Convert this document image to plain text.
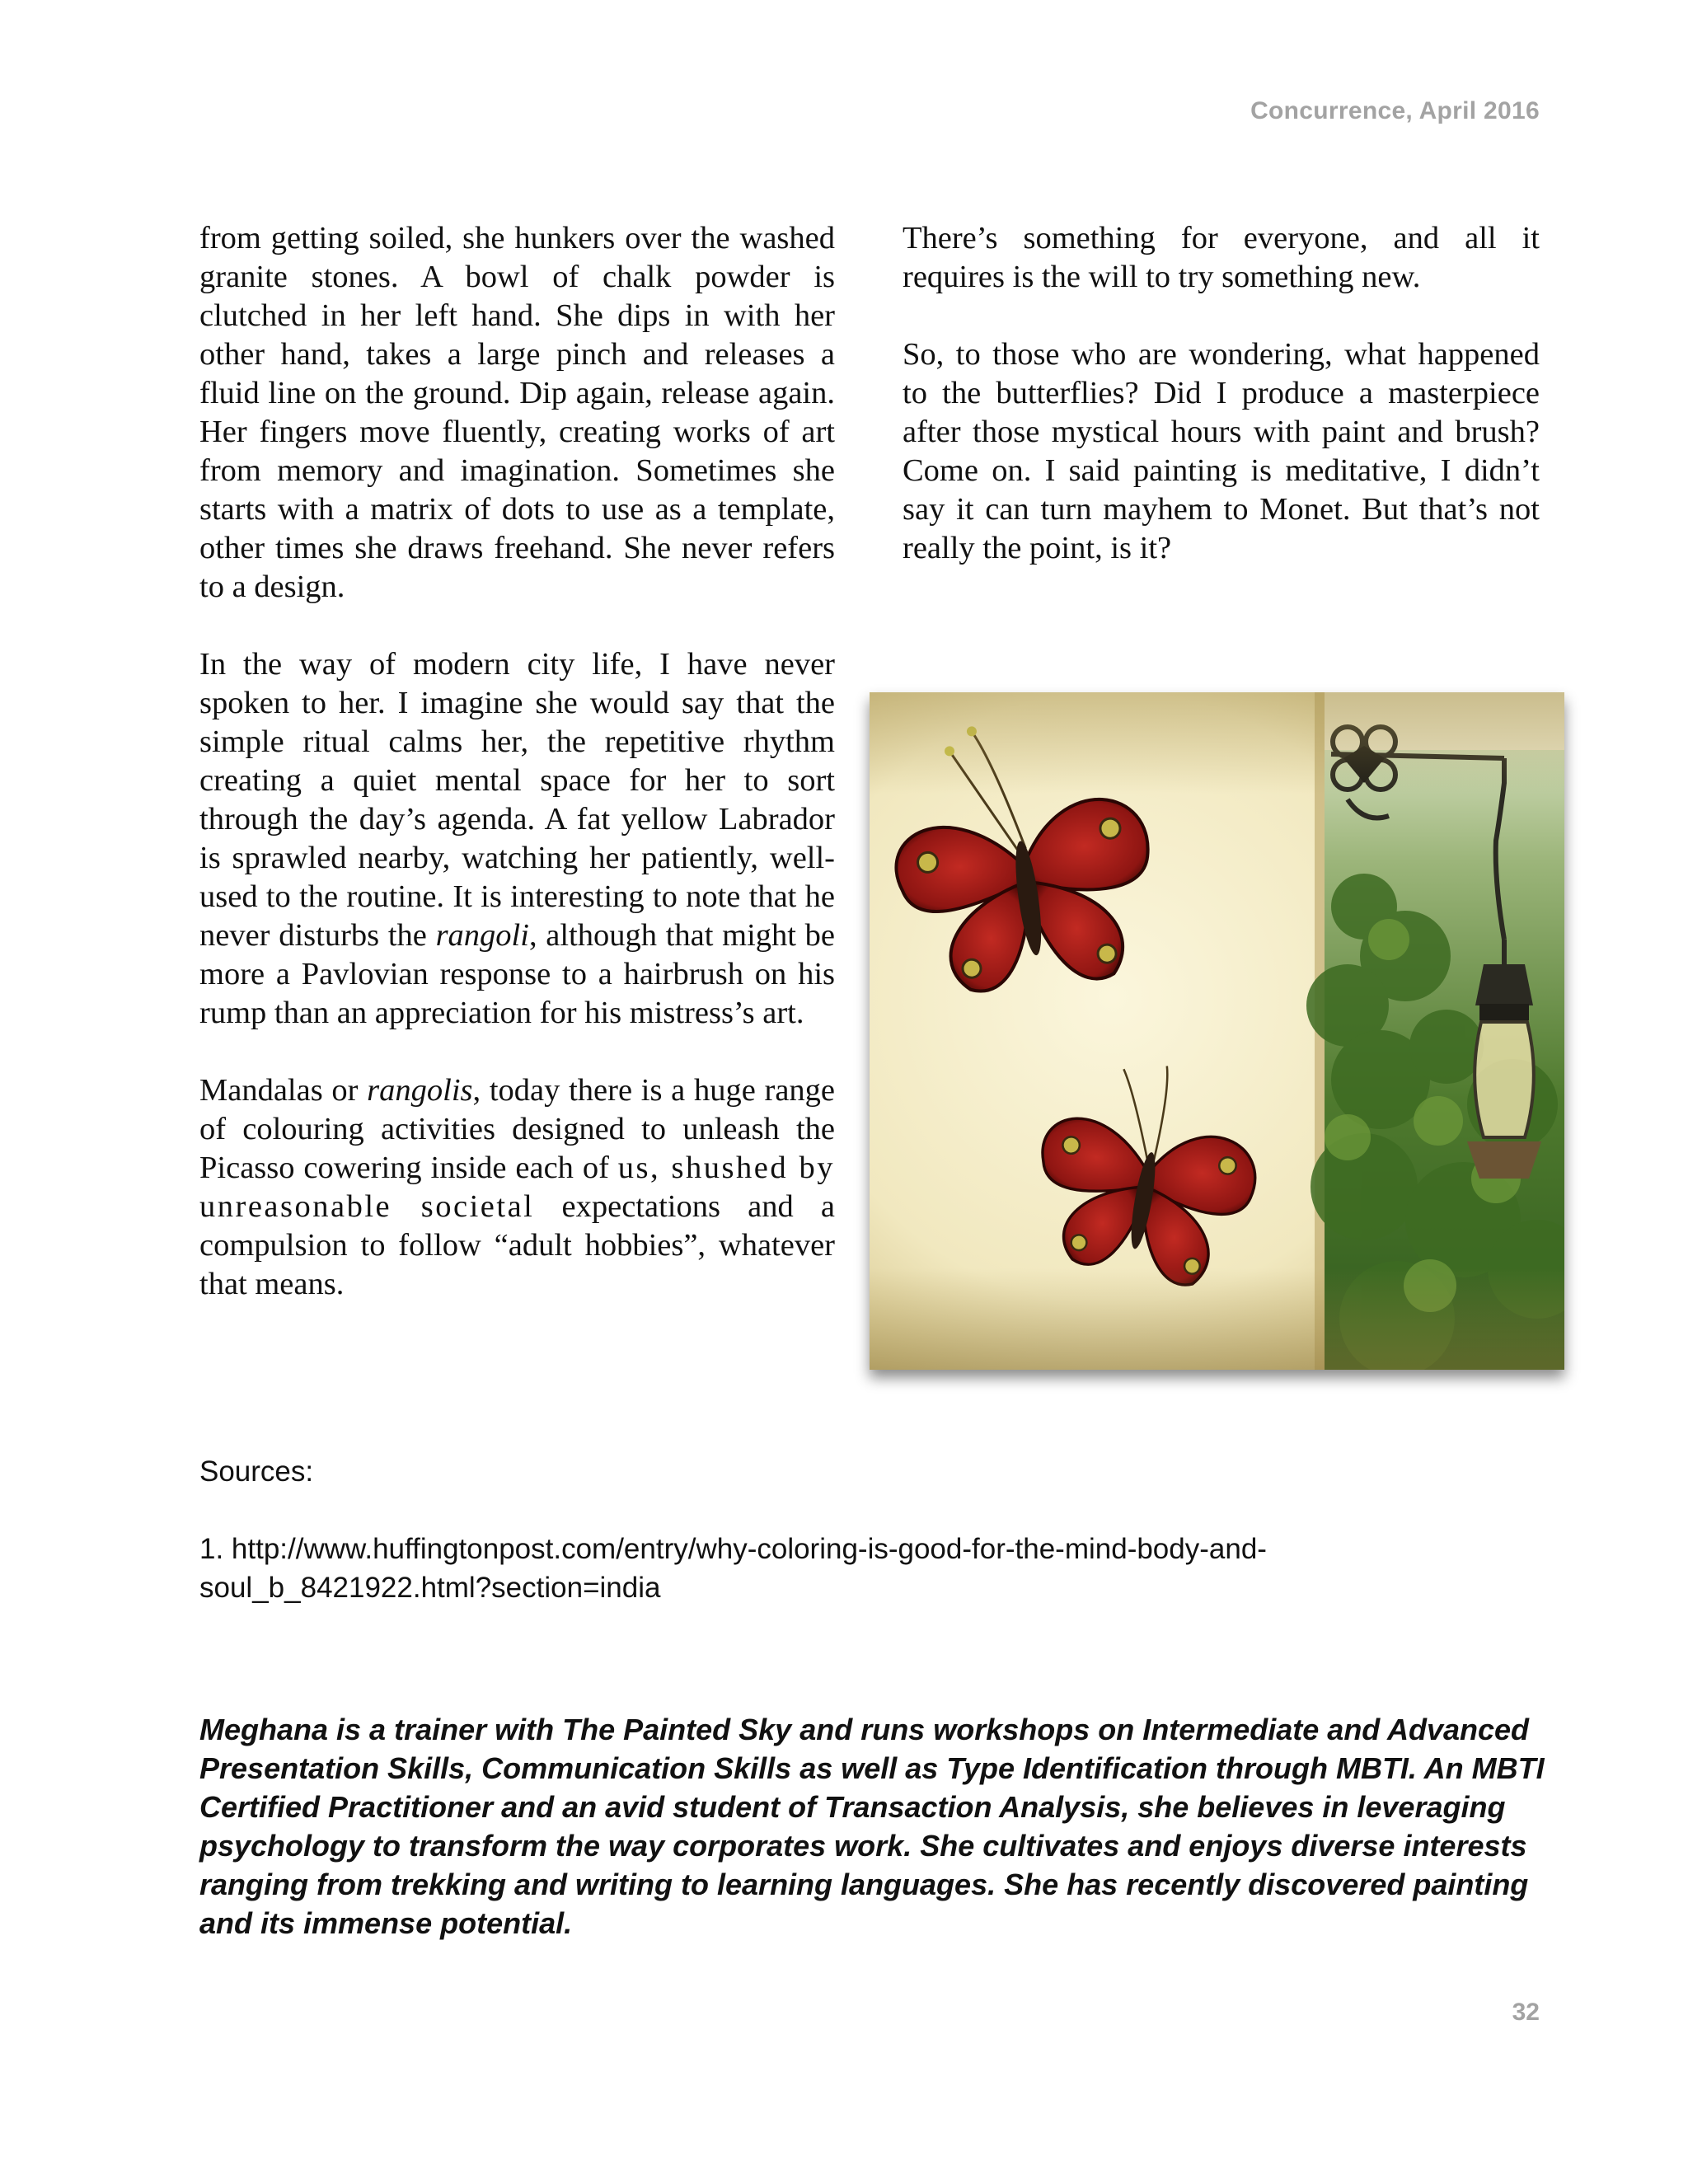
Concurrence, April 2016

from getting soiled, she hunkers over the washed granite stones. A bowl of chalk powder is clutched in her left hand. She dips in with her other hand, takes a large pinch and releases a fluid line on the ground. Dip again, release again. Her fingers move fluently, creating works of art from memory and imagination. Sometimes she starts with a matrix of dots to use as a template, other times she draws freehand. She never refers to a design.

In the way of modern city life, I have never spoken to her. I imagine she would say that the simple ritual calms her, the repetitive rhythm creating a quiet mental space for her to sort through the day’s agenda. A fat yellow Labrador is sprawled nearby, watching her patiently, well-used to the routine. It is interesting to note that he never disturbs the rangoli, although that might be more a Pavlovian response to a hairbrush on his rump than an appreciation for his mistress’s art.

Mandalas or rangolis, today there is a huge range of colouring activities designed to unleash the Picasso cowering inside each of us, shushed by unreasonable societal expectations and a compulsion to follow “adult hobbies”, whatever that means.

There’s something for everyone, and all it requires is the will to try something new.

So, to those who are wondering, what happened to the butterflies? Did I produce a masterpiece after those mystical hours with paint and brush? Come on. I said painting is meditative, I didn’t say it can turn mayhem to Monet. But that’s not really the point, is it?

Sources:

1. http://www.huffingtonpost.com/entry/why-coloring-is-good-for-the-mind-body-and-soul_b_8421922.html?section=india

Meghana is a trainer with The Painted Sky and runs workshops on Intermediate and Advanced Presentation Skills, Communication Skills as well as Type Identification through MBTI. An MBTI Certified Practitioner and an avid student of Transaction Analysis, she believes in leveraging psychology to transform the way corporates work. She cultivates and enjoys diverse interests ranging from trekking and writing to learning languages. She has recently discovered painting and its immense potential.
32
